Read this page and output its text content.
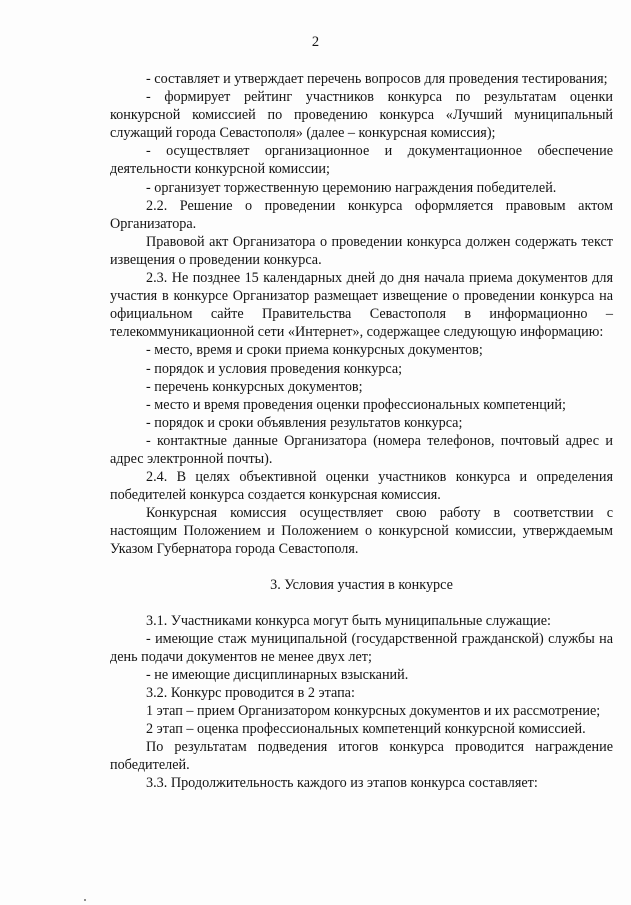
2

- составляет и утверждает перечень вопросов для проведения тестирования;

- формирует рейтинг участников конкурса по результатам оценки конкурсной комиссией по проведению конкурса «Лучший муниципальный служащий города Севастополя» (далее – конкурсная комиссия);

- осуществляет организационное и документационное обеспечение деятельности конкурсной комиссии;

- организует торжественную церемонию награждения победителей.

2.2. Решение о проведении конкурса оформляется правовым актом Организатора.

Правовой акт Организатора о проведении конкурса должен содержать текст извещения о проведении конкурса.

2.3. Не позднее 15 календарных дней до дня начала приема документов для участия в конкурсе Организатор размещает извещение о проведении конкурса на официальном сайте Правительства Севастополя в информационно – телекоммуникационной сети «Интернет», содержащее следующую информацию:

- место, время и сроки приема конкурсных документов;

- порядок и условия проведения конкурса;

- перечень конкурсных документов;

- место и время проведения оценки профессиональных компетенций;

- порядок и сроки объявления результатов конкурса;

- контактные данные Организатора (номера телефонов, почтовый адрес и адрес электронной почты).

2.4. В целях объективной оценки участников конкурса и определения победителей конкурса создается конкурсная комиссия.

Конкурсная комиссия осуществляет свою работу в соответствии с настоящим Положением и Положением о конкурсной комиссии, утверждаемым Указом Губернатора города Севастополя.

3. Условия участия в конкурсе

3.1. Участниками конкурса могут быть муниципальные служащие:

- имеющие стаж муниципальной (государственной гражданской) службы на день подачи документов не менее двух лет;

- не имеющие дисциплинарных взысканий.

3.2. Конкурс проводится в 2 этапа:

1 этап – прием Организатором конкурсных документов и их рассмотрение;

2 этап – оценка профессиональных компетенций конкурсной комиссией.

По результатам подведения итогов конкурса проводится награждение победителей.

3.3. Продолжительность каждого из этапов конкурса составляет:
